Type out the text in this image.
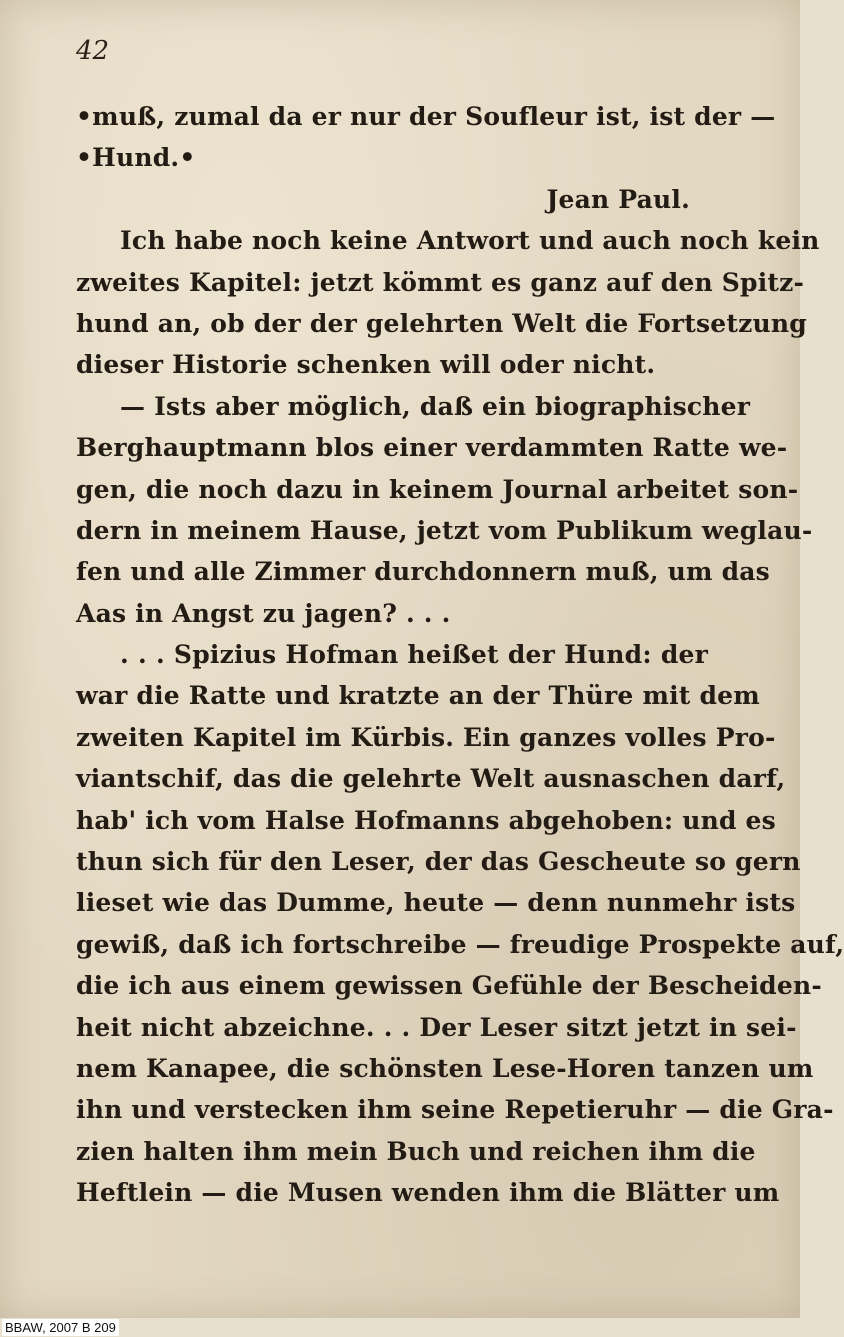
42
•muß, zumal da er nur der Soufleur ist, ist der —
•Hund.•
Jean Paul.
Ich habe noch keine Antwort und auch noch kein
zweites Kapitel: jetzt kömmt es ganz auf den Spitz-
hund an, ob der der gelehrten Welt die Fortsetzung
dieser Historie schenken will oder nicht.
— Ists aber möglich, daß ein biographischer
Berghauptmann blos einer verdammten Ratte we-
gen, die noch dazu in keinem Journal arbeitet son-
dern in meinem Hause, jetzt vom Publikum weglau-
fen und alle Zimmer durchdonnern muß, um das
Aas in Angst zu jagen? . . .
. . . Spizius Hofman heißet der Hund: der
war die Ratte und kratzte an der Thüre mit dem
zweiten Kapitel im Kürbis. Ein ganzes volles Pro-
viantschif, das die gelehrte Welt ausnaschen darf,
hab' ich vom Halse Hofmanns abgehoben: und es
thun sich für den Leser, der das Gescheute so gern
lieset wie das Dumme, heute — denn nunmehr ists
gewiß, daß ich fortschreibe — freudige Prospekte auf,
die ich aus einem gewissen Gefühle der Bescheiden-
heit nicht abzeichne. . . Der Leser sitzt jetzt in sei-
nem Kanapee, die schönsten Lese-Horen tanzen um
ihn und verstecken ihm seine Repetieruhr — die Gra-
zien halten ihm mein Buch und reichen ihm die
Heftlein — die Musen wenden ihm die Blätter um
BBAW, 2007 B 209
